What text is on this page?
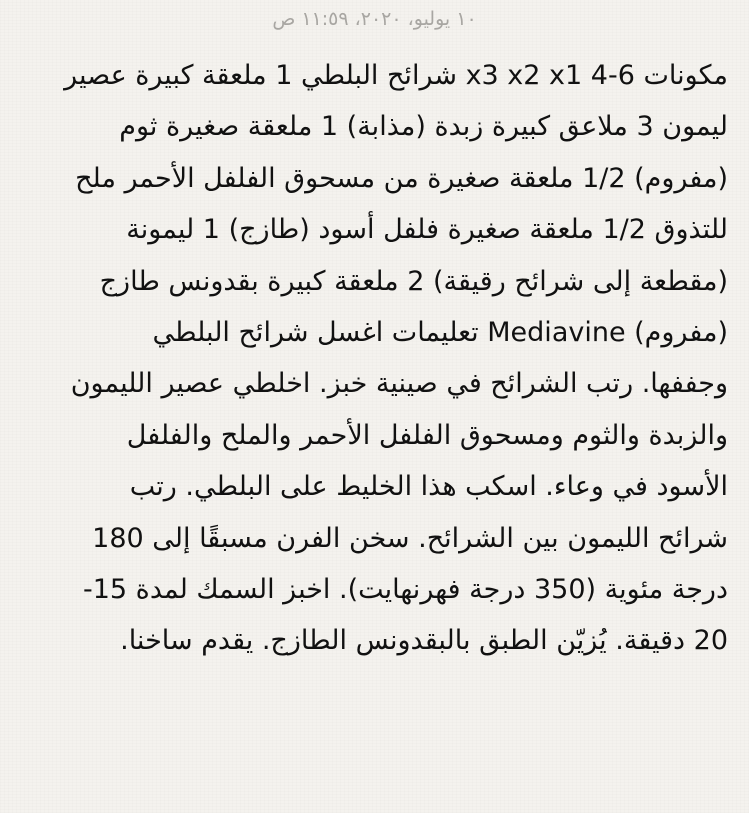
١٠ يوليو، ٢٠٢٠، ١١:٥٩ ص
مكونات 6-4 x3 x2 x1 شرائح البلطي 1 ملعقة كبيرة عصير ليمون 3 ملاعق كبيرة زبدة (مذابة) 1 ملعقة صغيرة ثوم (مفروم) 1/2 ملعقة صغيرة من مسحوق الفلفل الأحمر ملح للتذوق 1/2 ملعقة صغيرة فلفل أسود (طازج) 1 ليمونة (مقطعة إلى شرائح رقيقة) 2 ملعقة كبيرة بقدونس طازج (مفروم) Mediavine تعليمات اغسل شرائح البلطي وجففها. رتب الشرائح في صينية خبز. اخلطي عصير الليمون والزبدة والثوم ومسحوق الفلفل الأحمر والملح والفلفل الأسود في وعاء. اسكب هذا الخليط على البلطي. رتب شرائح الليمون بين الشرائح. سخن الفرن مسبقًا إلى 180 درجة مئوية (350 درجة فهرنهايت). اخبز السمك لمدة 15-20 دقيقة. يُزيّن الطبق بالبقدونس الطازج. يقدم ساخنا.
